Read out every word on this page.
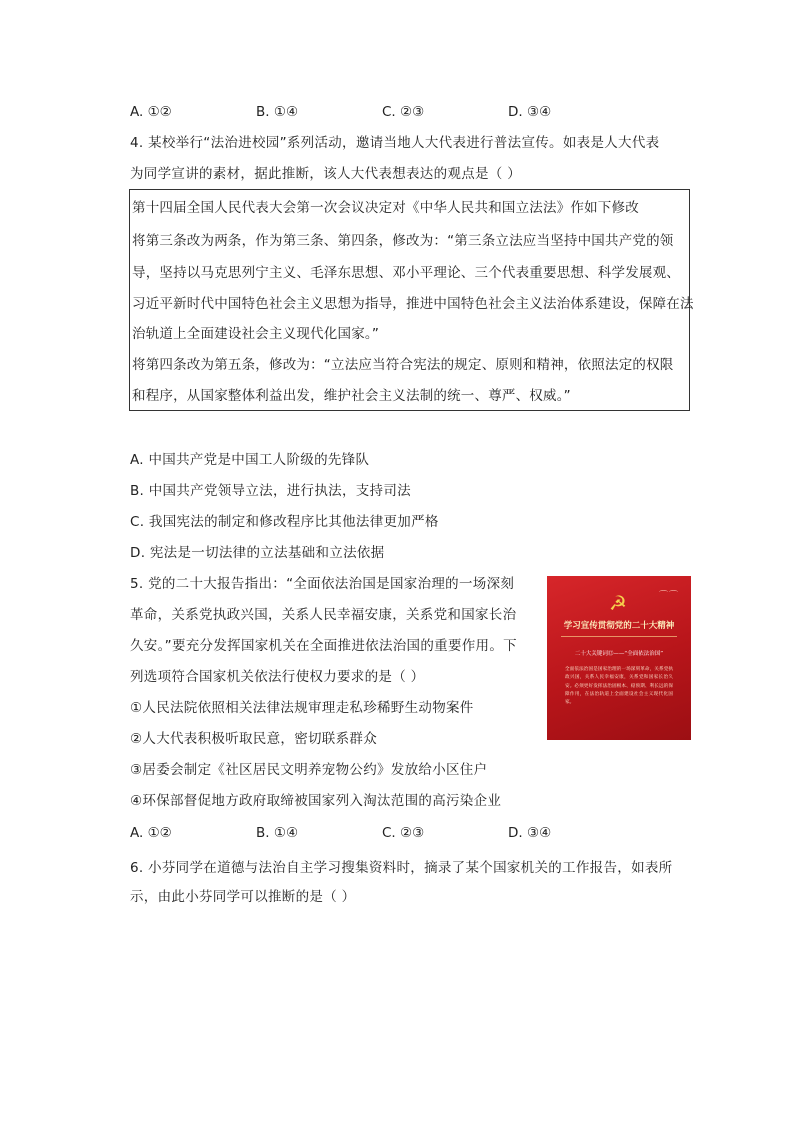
A. ①②	B. ①④	C. ②③	D. ③④
4. 某校举行“法治进校园”系列活动，邀请当地人大代表进行普法宣传。如表是人大代表
为同学宣讲的素材，据此推断，该人大代表想表达的观点是（ ）
第十四届全国人民代表大会第一次会议决定对《中华人民共和国立法法》作如下修改
将第三条改为两条，作为第三条、第四条，修改为：“第三条立法应当坚持中国共产党的领
导，坚持以马克思列宁主义、毛泽东思想、邓小平理论、三个代表重要思想、科学发展观、
习近平新时代中国特色社会主义思想为指导，推进中国特色社会主义法治体系建设，保障在法
治轨道上全面建设社会主义现代化国家。”
将第四条改为第五条，修改为：“立法应当符合宪法的规定、原则和精神，依照法定的权限
和程序，从国家整体利益出发，维护社会主义法制的统一、尊严、权威。”
A. 中国共产党是中国工人阶级的先锋队
B. 中国共产党领导立法，进行执法，支持司法
C. 我国宪法的制定和修改程序比其他法律更加严格
D. 宪法是一切法律的立法基础和立法依据
5. 党的二十大报告指出：“全面依法治国是国家治理的一场深刻
革命，关系党执政兴国，关系人民幸福安康，关系党和国家长治
久安。”要充分发挥国家机关在全面推进依法治国的重要作用。下
列选项符合国家机关依法行使权力要求的是（ ）
①人民法院依照相关法律法规审理走私珍稀野生动物案件
②人大代表积极听取民意，密切联系群众
③居委会制定《社区居民文明养宠物公约》发放给小区住户
④环保部督促地方政府取缔被国家列入淘汰范围的高污染企业
A. ①②	B. ①④	C. ②③	D. ③④
⌒⌒
☭
学习宣传贯彻党的二十大精神
二十大关键词⑫——“全面依法治国”
全面依法治国是国家治理的一场深刻革命，关系党执政兴国，关系人民幸福安康，关系党和国家长治久安。必须更好发挥法治固根本、稳预期、利长远的保障作用，在法治轨道上全面建设社会主义现代化国家。
6. 小芬同学在道德与法治自主学习搜集资料时，摘录了某个国家机关的工作报告，如表所
示，由此小芬同学可以推断的是（ ）
